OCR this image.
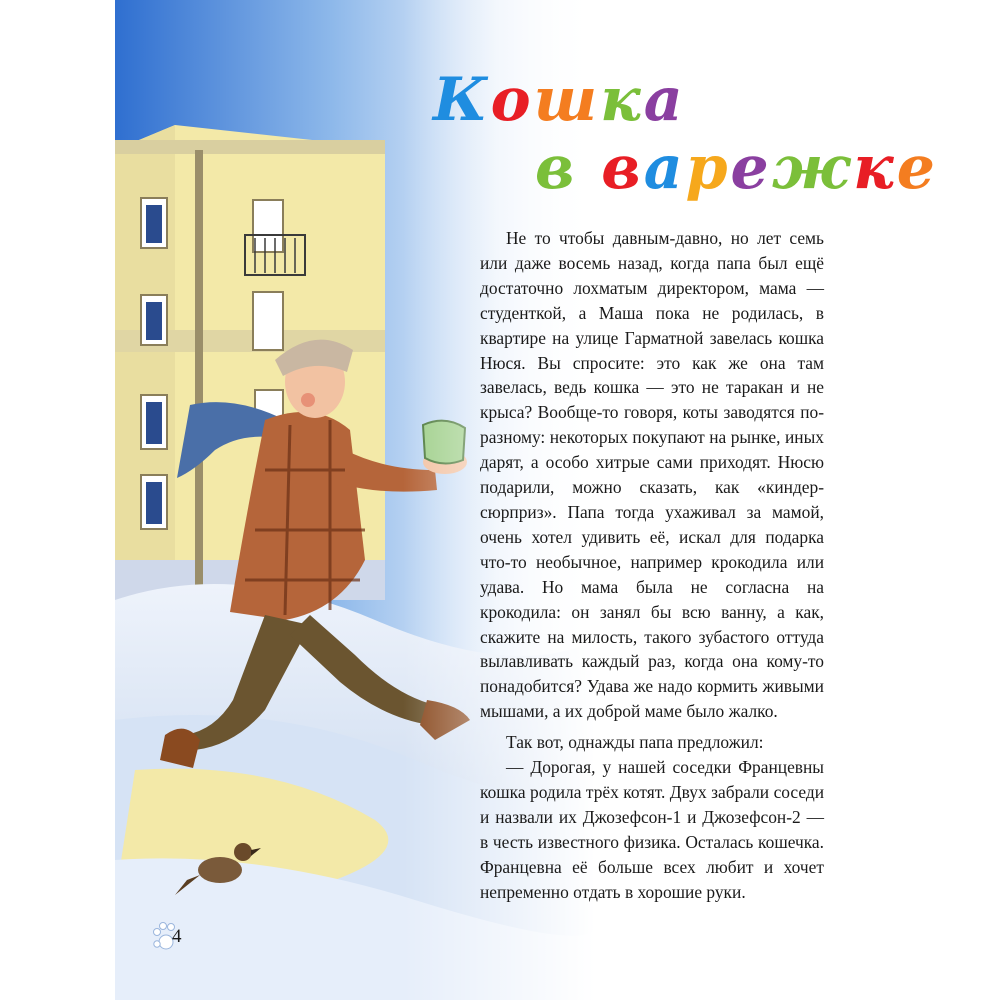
Кошка
в варежке

Не то чтобы давным-давно, но лет семь или даже восемь назад, когда папа был ещё достаточно лохматым директором, мама — студенткой, а Маша пока не родилась, в квартире на улице Гарматной завелась кошка Нюся. Вы спросите: это как же она там завелась, ведь кошка — это не таракан и не крыса? Вообще-то говоря, коты заводятся по-разному: некоторых покупают на рынке, иных дарят, а особо хитрые сами приходят. Нюсю подарили, можно сказать, как «киндер-сюрприз». Папа тогда ухаживал за мамой, очень хотел удивить её, искал для подарка что-то необычное, например крокодила или удава. Но мама была не согласна на крокодила: он занял бы всю ванну, а как, скажите на милость, такого зубастого оттуда вылавливать каждый раз, когда она кому-то понадобится? Удава же надо кормить живыми мышами, а их доброй маме было жалко.

Так вот, однажды папа предложил:

— Дорогая, у нашей соседки Францевны кошка родила трёх котят. Двух забрали соседи и назвали их Джозефсон-1 и Джозефсон-2 — в честь известного физика. Осталась кошечка. Францевна её больше всех любит и хочет непременно отдать в хорошие руки.

4
